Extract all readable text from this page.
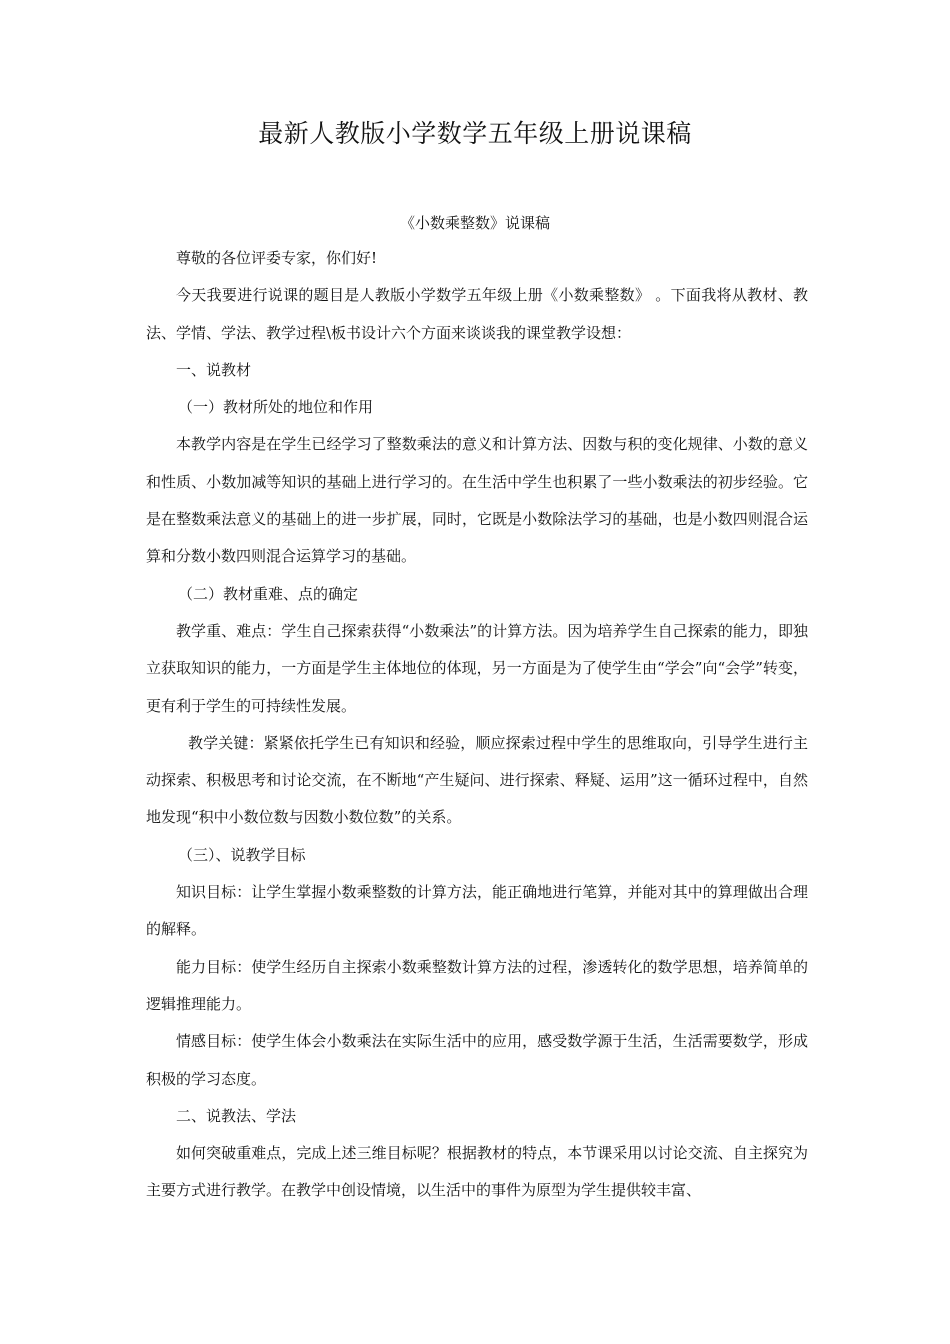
最新人教版小学数学五年级上册说课稿
《小数乘整数》说课稿

尊敬的各位评委专家，你们好!

今天我要进行说课的题目是人教版小学数学五年级上册《小数乘整数》 。下面我将从教材、教法、学情、学法、教学过程\板书设计六个方面来谈谈我的课堂教学设想：

一、说教材

（一）教材所处的地位和作用

本教学内容是在学生已经学习了整数乘法的意义和计算方法、因数与积的变化规律、小数的意义和性质、小数加减等知识的基础上进行学习的。在生活中学生也积累了一些小数乘法的初步经验。它是在整数乘法意义的基础上的进一步扩展，同时，它既是小数除法学习的基础，也是小数四则混合运算和分数小数四则混合运算学习的基础。

（二）教材重难、点的确定

教学重、难点：学生自己探索获得“小数乘法”的计算方法。因为培养学生自己探索的能力，即独立获取知识的能力，一方面是学生主体地位的体现，另一方面是为了使学生由“学会”向“会学”转变，更有利于学生的可持续性发展。

教学关键：紧紧依托学生已有知识和经验，顺应探索过程中学生的思维取向，引导学生进行主动探索、积极思考和讨论交流，在不断地“产生疑问、进行探索、释疑、运用”这一循环过程中，自然地发现“积中小数位数与因数小数位数”的关系。

（三）、说教学目标

知识目标：让学生掌握小数乘整数的计算方法，能正确地进行笔算，并能对其中的算理做出合理的解释。

能力目标：使学生经历自主探索小数乘整数计算方法的过程，渗透转化的数学思想，培养简单的逻辑推理能力。

情感目标：使学生体会小数乘法在实际生活中的应用，感受数学源于生活，生活需要数学，形成积极的学习态度。

二、说教法、学法

如何突破重难点，完成上述三维目标呢？根据教材的特点，本节课采用以讨论交流、自主探究为主要方式进行教学。在教学中创设情境，以生活中的事件为原型为学生提供较丰富、
